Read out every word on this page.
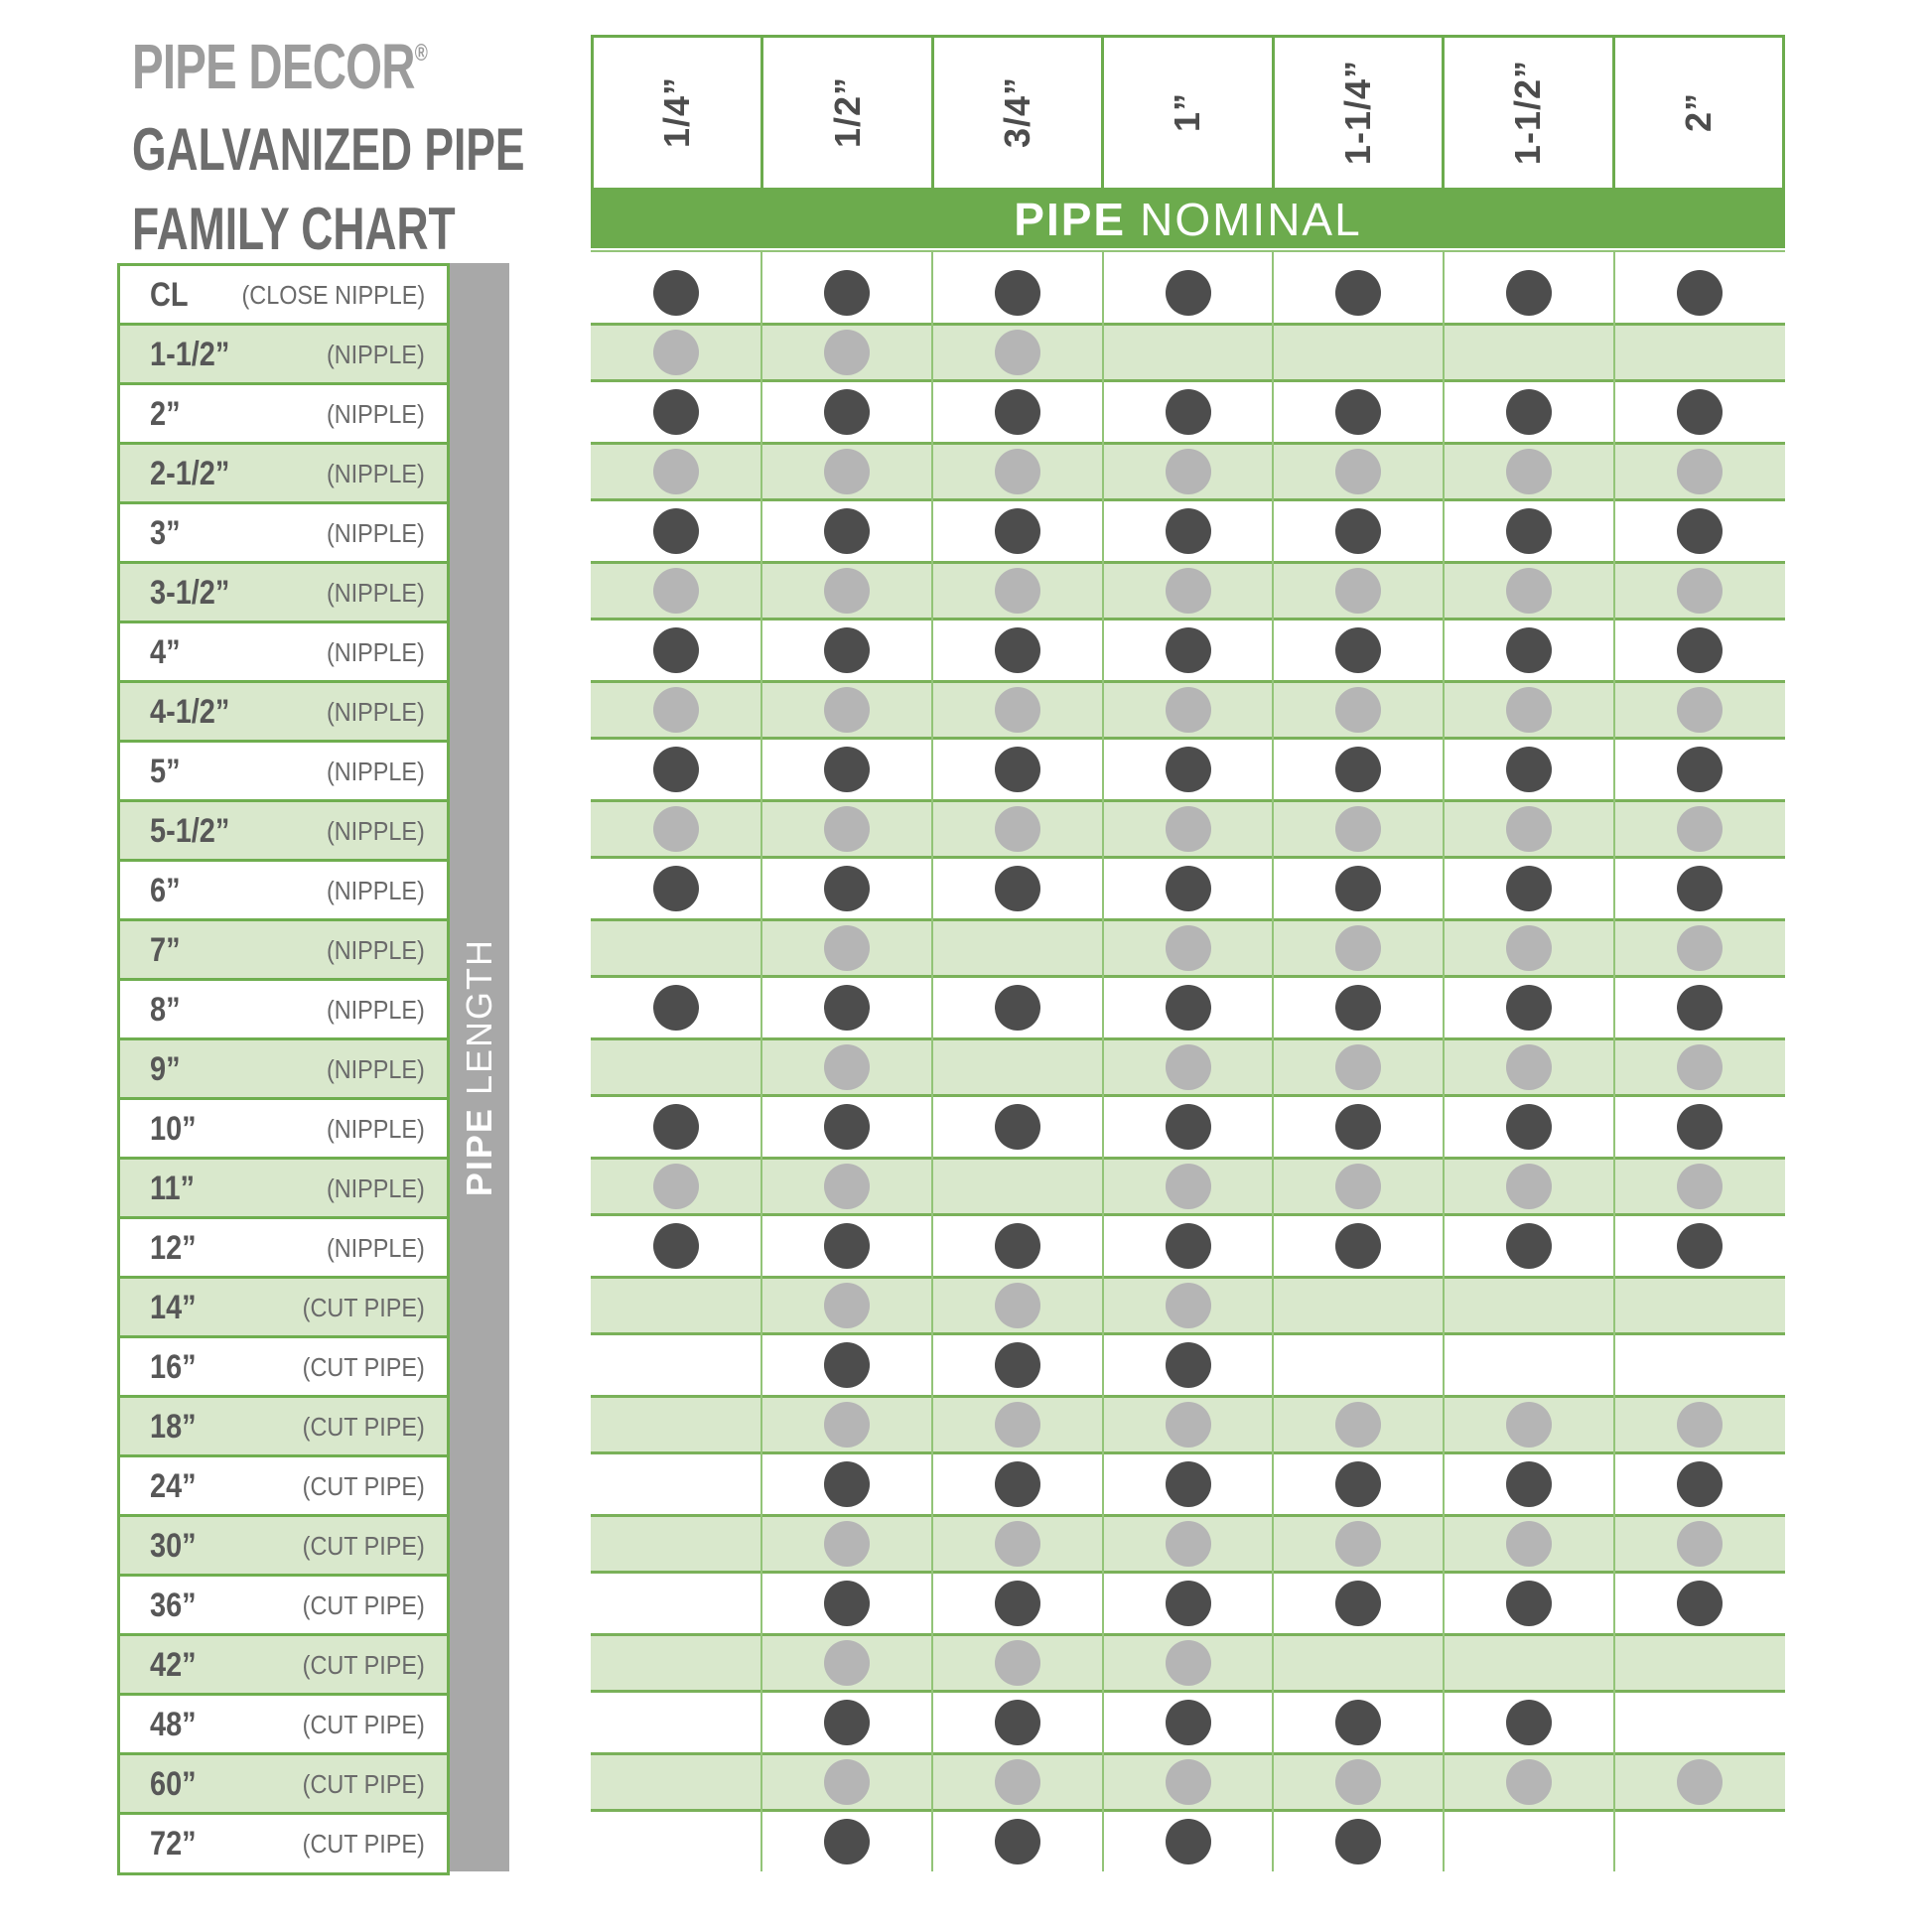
PIPE DECOR®
GALVANIZED PIPE
FAMILY CHART
1/4”	1/2”	3/4”	1”	1-1/4”	1-1/2”	2”
PIPE NOMINAL
CL (CLOSE NIPPLE)
1-1/2”	(NIPPLE)
2”	(NIPPLE)
2-1/2”	(NIPPLE)
3”	(NIPPLE)
3-1/2”	(NIPPLE)
4”	(NIPPLE)
4-1/2”	(NIPPLE)
5”	(NIPPLE)
5-1/2”	(NIPPLE)
6”	(NIPPLE)
7”	(NIPPLE)
8”	(NIPPLE)
9”	(NIPPLE)
10”	(NIPPLE)
11”	(NIPPLE)
12”	(NIPPLE)
14”	(CUT PIPE)
16”	(CUT PIPE)
18”	(CUT PIPE)
24”	(CUT PIPE)
30”	(CUT PIPE)
36”	(CUT PIPE)
42”	(CUT PIPE)
48”	(CUT PIPE)
60”	(CUT PIPE)
72”	(CUT PIPE)
PIPE LENGTH
